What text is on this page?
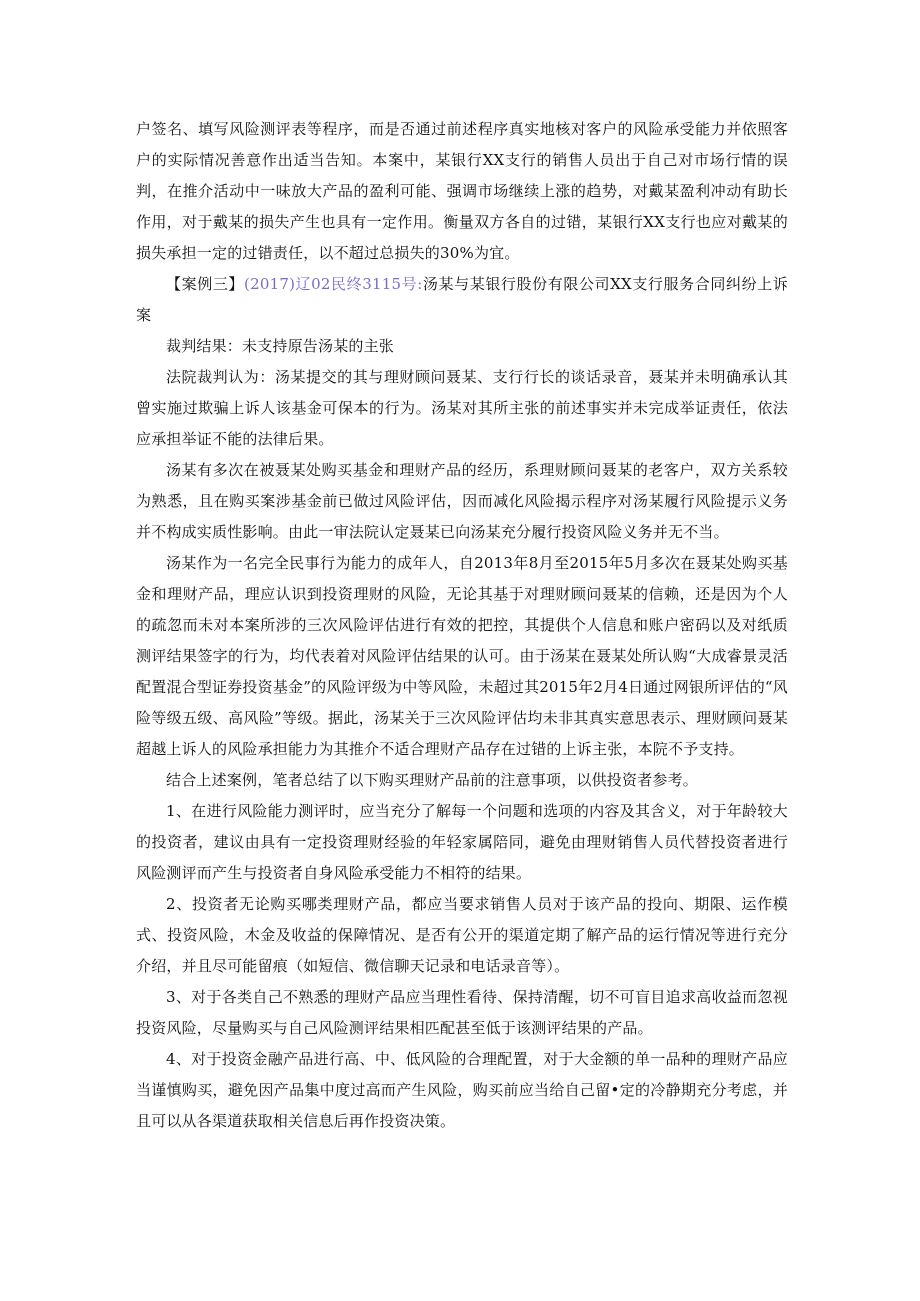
户签名、填写风险测评表等程序，而是否通过前述程序真实地核对客户的风险承受能力并依照客户的实际情况善意作出适当告知。本案中，某银行XX支行的销售人员出于自己对市场行情的误判，在推介活动中一味放大产品的盈利可能、强调市场继续上涨的趋势，对戴某盈利冲动有助长作用，对于戴某的损失产生也具有一定作用。衡量双方各自的过错，某银行XX支行也应对戴某的损失承担一定的过错责任，以不超过总损失的30%为宜。

【案例三】(2017)辽02民终3115号:汤某与某银行股份有限公司XX支行服务合同纠纷上诉案

裁判结果：未支持原告汤某的主张

法院裁判认为：汤某提交的其与理财顾问聂某、支行行长的谈话录音，聂某并未明确承认其曾实施过欺骗上诉人该基金可保本的行为。汤某对其所主张的前述事实并未完成举证责任，依法应承担举证不能的法律后果。

汤某有多次在被聂某处购买基金和理财产品的经历，系理财顾问聂某的老客户，双方关系较为熟悉，且在购买案涉基金前已做过风险评估，因而减化风险揭示程序对汤某履行风险提示义务并不构成实质性影响。由此一审法院认定聂某已向汤某充分履行投资风险义务并无不当。

汤某作为一名完全民事行为能力的成年人，自2013年8月至2015年5月多次在聂某处购买基金和理财产品，理应认识到投资理财的风险，无论其基于对理财顾问聂某的信赖，还是因为个人的疏忽而未对本案所涉的三次风险评估进行有效的把控，其提供个人信息和账户密码以及对纸质测评结果签字的行为，均代表着对风险评估结果的认可。由于汤某在聂某处所认购“大成睿景灵活配置混合型证券投资基金”的风险评级为中等风险，未超过其2015年2月4日通过网银所评估的“风险等级五级、高风险”等级。据此，汤某关于三次风险评估均未非其真实意思表示、理财顾问聂某超越上诉人的风险承担能力为其推介不适合理财产品存在过错的上诉主张，本院不予支持。

结合上述案例，笔者总结了以下购买理财产品前的注意事项，以供投资者参考。

1、在进行风险能力测评时，应当充分了解每一个问题和选项的内容及其含义，对于年龄较大的投资者，建议由具有一定投资理财经验的年轻家属陪同，避免由理财销售人员代替投资者进行风险测评而产生与投资者自身风险承受能力不相符的结果。

2、投资者无论购买哪类理财产品，都应当要求销售人员对于该产品的投向、期限、运作模式、投资风险，木金及收益的保障情况、是否有公开的渠道定期了解产品的运行情况等进行充分介绍，并且尽可能留痕（如短信、微信聊天记录和电话录音等）。

3、对于各类自己不熟悉的理财产品应当理性看待、保持清醒，切不可盲目追求高收益而忽视投资风险，尽量购买与自己风险测评结果相匹配甚至低于该测评结果的产品。

4、对于投资金融产品进行高、中、低风险的合理配置，对于大金额的单一品种的理财产品应当谨慎购买，避免因产品集中度过高而产生风险，购买前应当给自己留•定的冷静期充分考虑，并且可以从各渠道获取相关信息后再作投资决策。
